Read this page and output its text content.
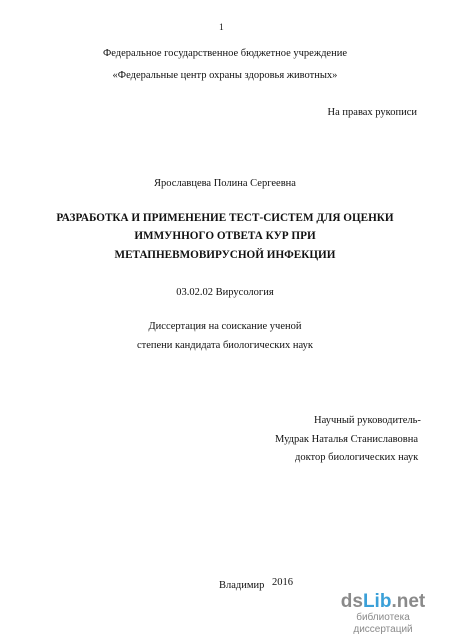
1
Федеральное государственное бюджетное учреждение
«Федеральные центр охраны здоровья животных»
На правах рукописи
Ярославцева Полина Сергеевна
РАЗРАБОТКА И ПРИМЕНЕНИЕ ТЕСТ-СИСТЕМ ДЛЯ ОЦЕНКИ
ИММУННОГО ОТВЕТА КУР ПРИ
МЕТАПНЕВМОВИРУСНОЙ ИНФЕКЦИИ
03.02.02 Вирусология
Диссертация на соискание ученой
степени кандидата биологических наук
Научный руководитель-
Мудрак Наталья Станиславовна
доктор биологических наук
Владимир 2016
dsLib.net
библиотека диссертаций
